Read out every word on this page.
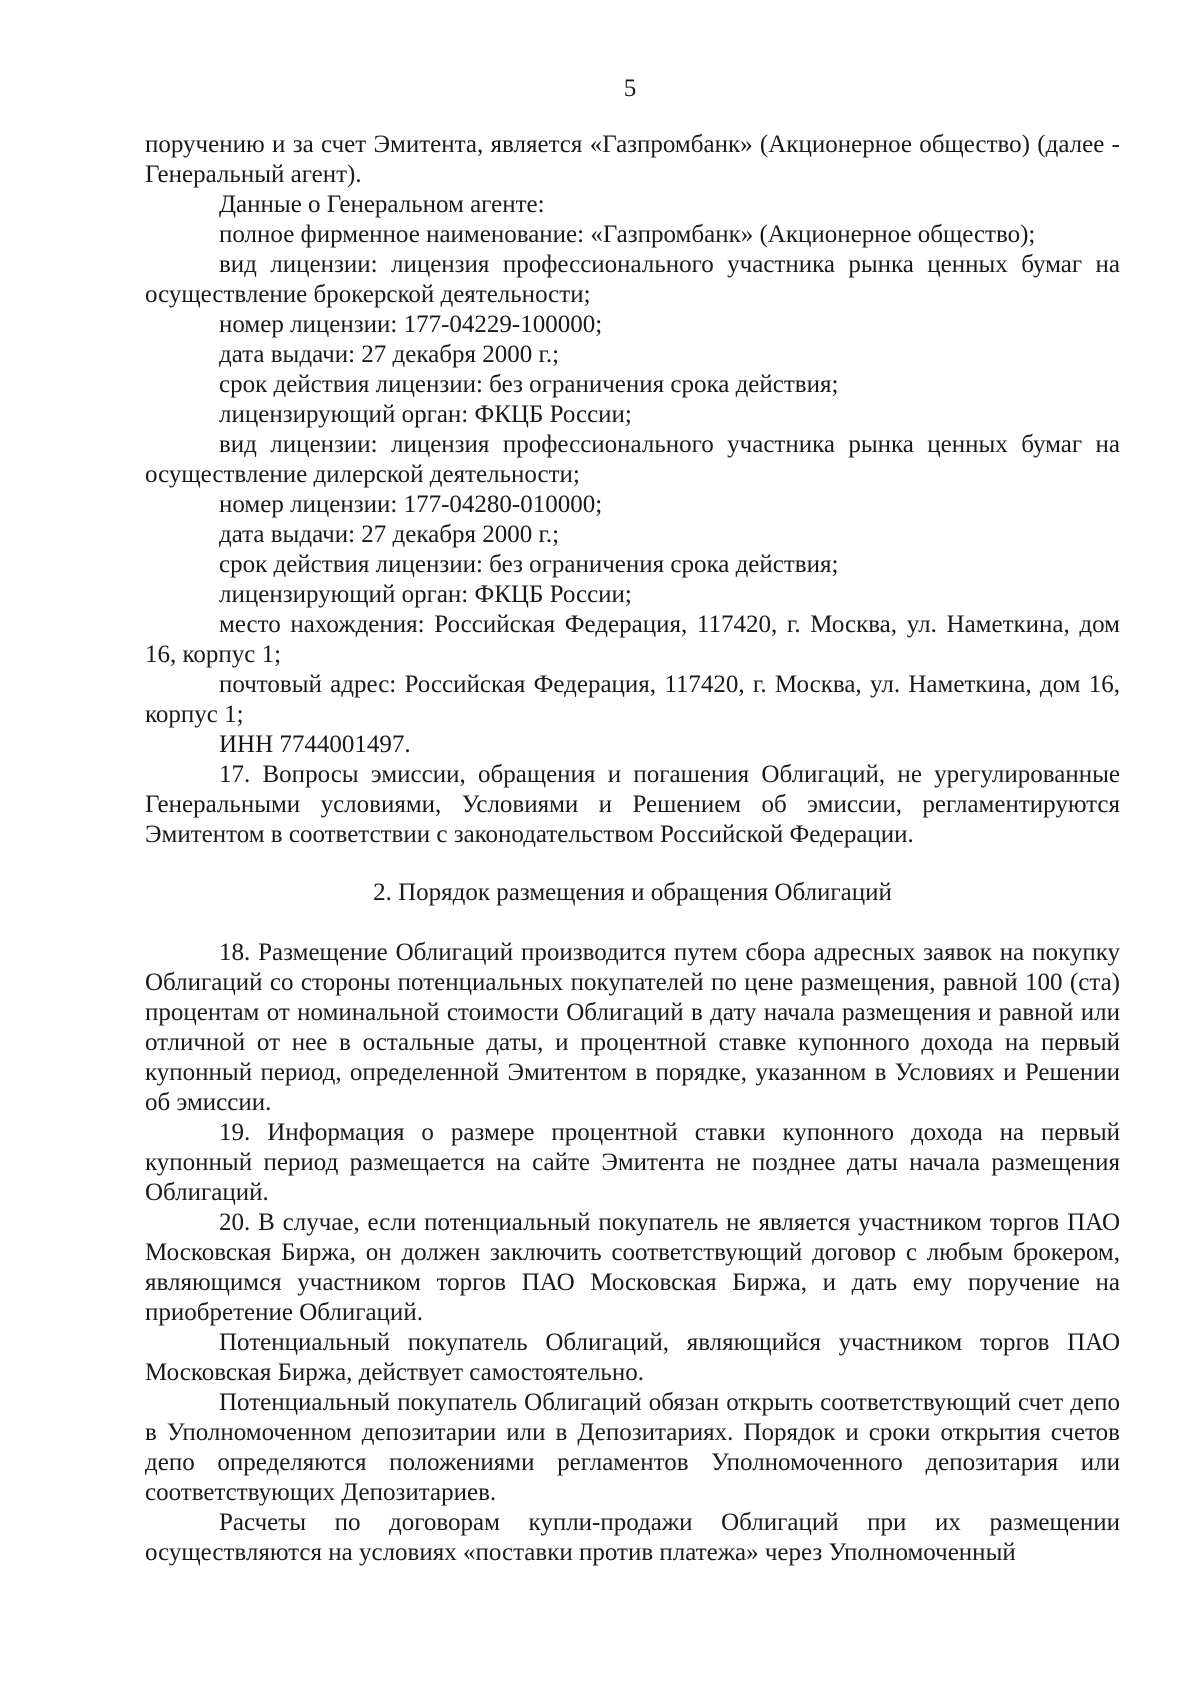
5

поручению и за счет Эмитента, является «Газпромбанк» (Акционерное общество) (далее - Генеральный агент).

Данные о Генеральном агенте:

полное фирменное наименование: «Газпромбанк» (Акционерное общество);

вид лицензии: лицензия профессионального участника рынка ценных бумаг на осуществление брокерской деятельности;

номер лицензии: 177-04229-100000;

дата выдачи: 27 декабря 2000 г.;

срок действия лицензии: без ограничения срока действия;

лицензирующий орган: ФКЦБ России;

вид лицензии: лицензия профессионального участника рынка ценных бумаг на осуществление дилерской деятельности;

номер лицензии: 177-04280-010000;

дата выдачи: 27 декабря 2000 г.;

срок действия лицензии: без ограничения срока действия;

лицензирующий орган: ФКЦБ России;

место нахождения: Российская Федерация, 117420, г. Москва, ул. Наметкина, дом 16, корпус 1;

почтовый адрес: Российская Федерация, 117420, г. Москва, ул. Наметкина, дом 16, корпус 1;

ИНН 7744001497.

17. Вопросы эмиссии, обращения и погашения Облигаций, не урегулированные Генеральными условиями, Условиями и Решением об эмиссии, регламентируются Эмитентом в соответствии с законодательством Российской Федерации.

2. Порядок размещения и обращения Облигаций

18. Размещение Облигаций производится путем сбора адресных заявок на покупку Облигаций со стороны потенциальных покупателей по цене размещения, равной 100 (ста) процентам от номинальной стоимости Облигаций в дату начала размещения и равной или отличной от нее в остальные даты, и процентной ставке купонного дохода на первый купонный период, определенной Эмитентом в порядке, указанном в Условиях и Решении об эмиссии.

19. Информация о размере процентной ставки купонного дохода на первый купонный период размещается на сайте Эмитента не позднее даты начала размещения Облигаций.

20. В случае, если потенциальный покупатель не является участником торгов ПАО Московская Биржа, он должен заключить соответствующий договор с любым брокером, являющимся участником торгов ПАО Московская Биржа, и дать ему поручение на приобретение Облигаций.

Потенциальный покупатель Облигаций, являющийся участником торгов ПАО Московская Биржа, действует самостоятельно.

Потенциальный покупатель Облигаций обязан открыть соответствующий счет депо в Уполномоченном депозитарии или в Депозитариях. Порядок и сроки открытия счетов депо определяются положениями регламентов Уполномоченного депозитария или соответствующих Депозитариев.

Расчеты по договорам купли-продажи Облигаций при их размещении осуществляются на условиях «поставки против платежа» через Уполномоченный
